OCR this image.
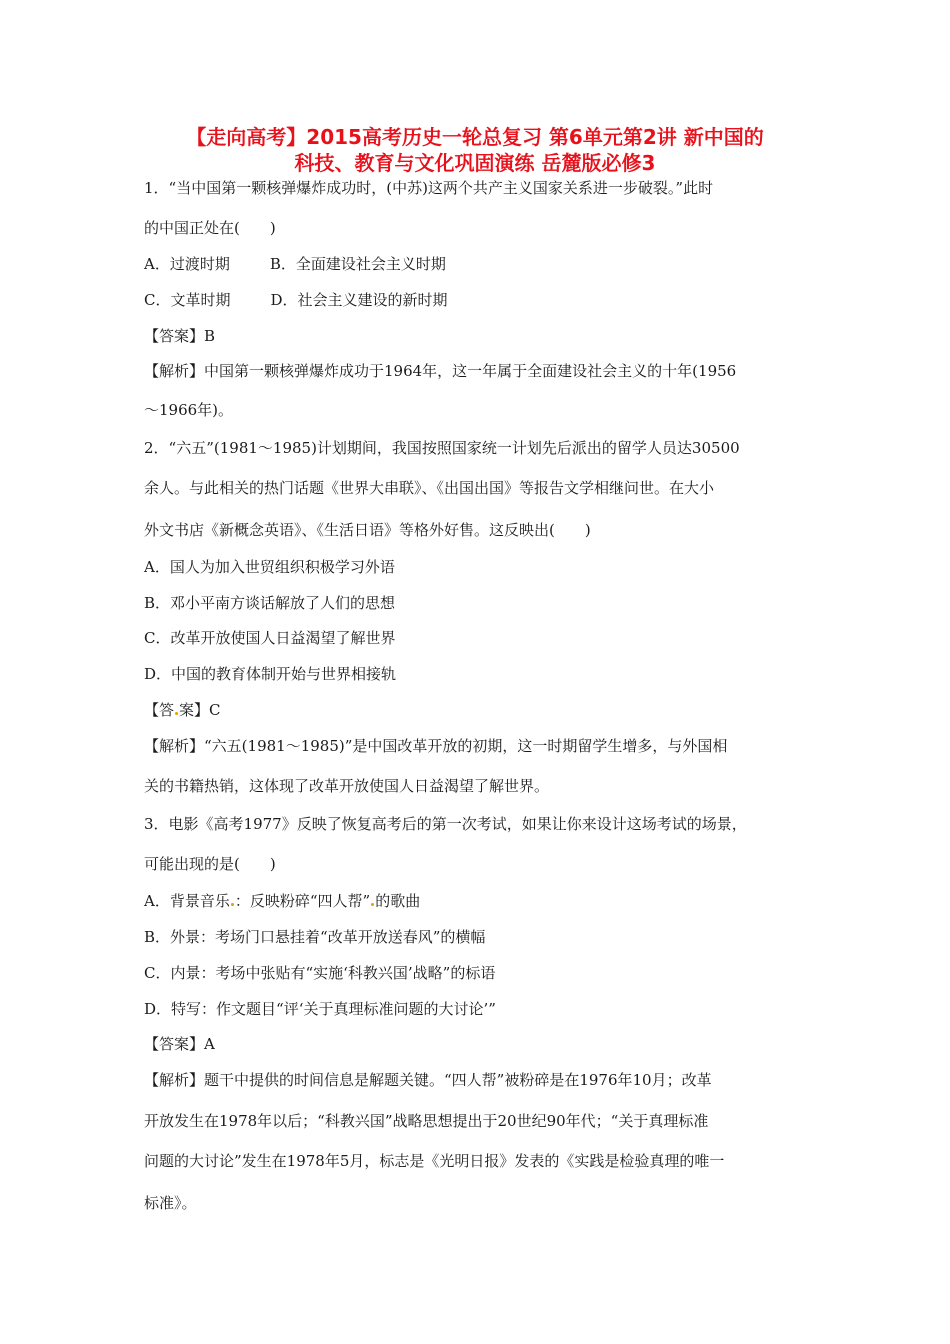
【走向高考】2015高考历史一轮总复习 第6单元第2讲 新中国的
科技、教育与文化巩固演练 岳麓版必修3

1．“当中国第一颗核弹爆炸成功时，(中苏)这两个共产主义国家关系进一步破裂。”此时

的中国正处在(　　)

A．过渡时期	B．全面建设社会主义时期

C．文革时期	D．社会主义建设的新时期

【答案】B

【解析】中国第一颗核弹爆炸成功于1964年，这一年属于全面建设社会主义的十年(1956

～1966年)。

2．“六五”(1981～1985)计划期间，我国按照国家统一计划先后派出的留学人员达30500

余人。与此相关的热门话题《世界大串联》、《出国出国》等报告文学相继问世。在大小

外文书店《新概念英语》、《生活日语》等格外好售。这反映出(　　)

A．国人为加入世贸组织积极学习外语

B．邓小平南方谈话解放了人们的思想

C．改革开放使国人日益渴望了解世界

D．中国的教育体制开始与世界相接轨

【答 案】C

【解析】“六五(1981～1985)”是中国改革开放的初期，这一时期留学生增多，与外国相

关的书籍热销，这体现了改革开放使国人日益渴望了解世界。

3．电影《高考1977》反映了恢复高考后的第一次考试，如果让你来设计这场考试的场景，

可能出现的是(　　)

A．背景音乐 ：反映粉碎“四人帮” 的歌曲

B．外景：考场门口悬挂着“改革开放送春风”的横幅

C．内景：考场中张贴有“实施‘科教兴国’战略”的标语

D．特写：作文题目“评‘关于真理标准问题的大讨论’”

【答案】A

【解析】题干中提供的时间信息是解题关键。“四人帮”被粉碎是在1976年10月；改革

开放发生在1978年以后；“科教兴国”战略思想提出于20世纪90年代；“关于真理标准

问题的大讨论”发生在1978年5月，标志是《光明日报》发表的《实践是检验真理的唯一

标准》。
